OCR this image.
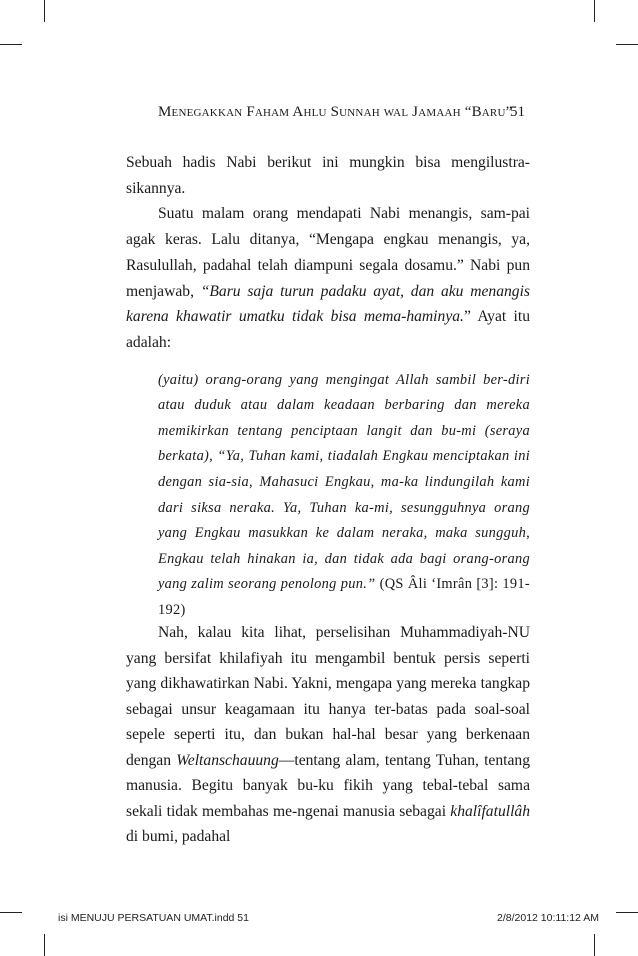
Menegakkan Faham Ahlu Sunnah wal Jamaah “Baru”
51

Sebuah hadis Nabi berikut ini mungkin bisa mengilustra-sikannya.

Suatu malam orang mendapati Nabi menangis, sam-pai agak keras. Lalu ditanya, “Mengapa engkau menangis, ya, Rasulullah, padahal telah diampuni segala dosamu.” Nabi pun menjawab, “Baru saja turun padaku ayat, dan aku menangis karena khawatir umatku tidak bisa mema-haminya.” Ayat itu adalah:

(yaitu) orang-orang yang mengingat Allah sambil ber-diri atau duduk atau dalam keadaan berbaring dan mereka memikirkan tentang penciptaan langit dan bu-mi (seraya berkata), “Ya, Tuhan kami, tiadalah Engkau menciptakan ini dengan sia-sia, Mahasuci Engkau, ma-ka lindungilah kami dari siksa neraka. Ya, Tuhan ka-mi, sesungguhnya orang yang Engkau masukkan ke dalam neraka, maka sungguh, Engkau telah hinakan ia, dan tidak ada bagi orang-orang yang zalim seorang penolong pun.” (QS Âli ‘Imrân [3]: 191-192)

Nah, kalau kita lihat, perselisihan Muhammadiyah-NU yang bersifat khilafiyah itu mengambil bentuk persis seperti yang dikhawatirkan Nabi. Yakni, mengapa yang mereka tangkap sebagai unsur keagamaan itu hanya ter-batas pada soal-soal sepele seperti itu, dan bukan hal-hal besar yang berkenaan dengan Weltanschauung—tentang alam, tentang Tuhan, tentang manusia. Begitu banyak bu-ku fikih yang tebal-tebal sama sekali tidak membahas me-ngenai manusia sebagai khalîfatullâh di bumi, padahal

isi MENUJU PERSATUAN UMAT.indd 51	2/8/2012 10:11:12 AM
